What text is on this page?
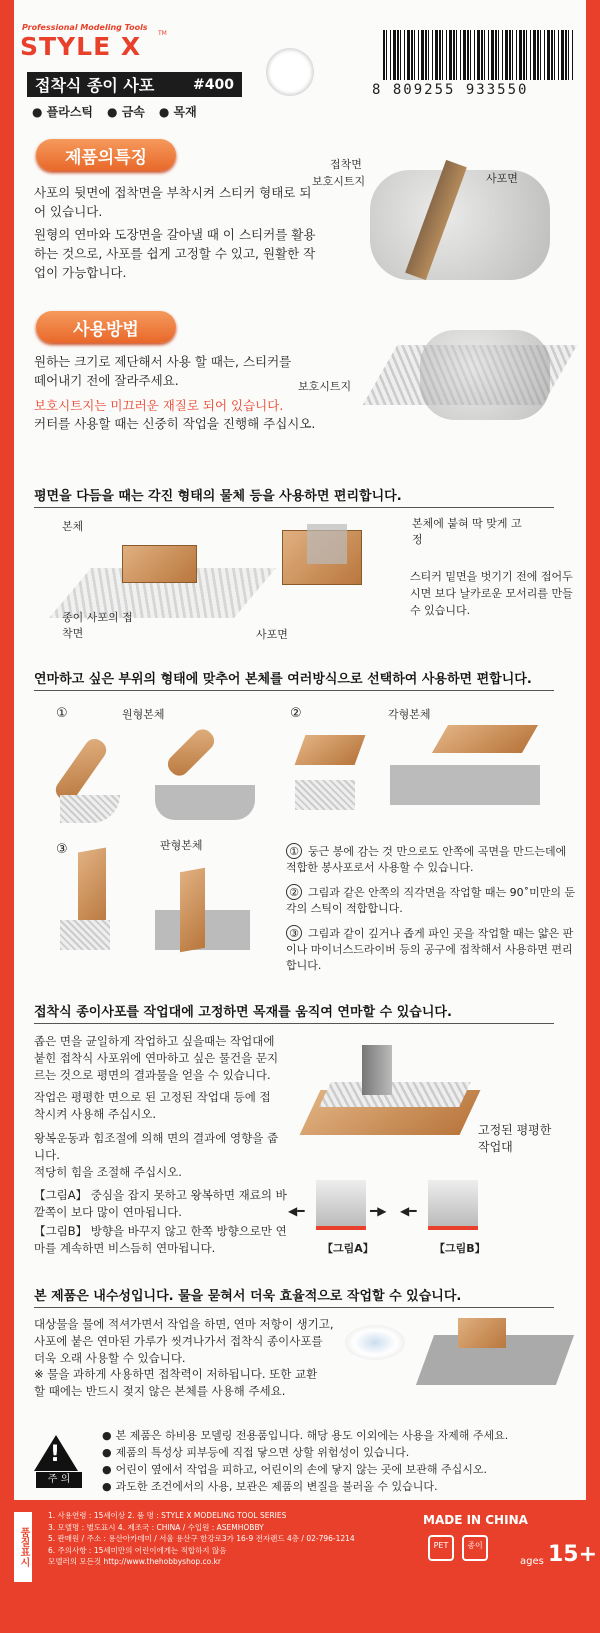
Professional Modeling Tools
STYLE X	TM
접착식 종이 사포	#400	8 809255 933550
● 플라스틱	● 금속	● 목재
제품의특징
사포의 뒷면에 접착면을 부착시켜 스티커 형태로 되어 있습니다.
원형의 연마와 도장면을 갈아낼 때 이 스티커를 활용하는 것으로, 사포를 쉽게 고정할 수 있고, 원활한 작업이 가능합니다.
접착면
보호시트지	사포면
사용방법
원하는 크기로 제단해서 사용 할 때는, 스티커를 떼어내기 전에 잘라주세요.
보호시트지는 미끄러운 재질로 되어 있습니다.
커터를 사용할 때는 신중히 작업을 진행해 주십시오.
보호시트지
평면을 다듬을 때는 각진 형태의 물체 등을 사용하면 편리합니다.
본체	본체에 붙혀 딱 맞게 고정
종이 사포의 접착면	사포면
스티커 밑면을 벗기기 전에 접어두시면 보다 날카로운 모서리를 만들 수 있습니다.
연마하고 싶은 부위의 형태에 맞추어 본체를 여러방식으로 선택하여 사용하면 편합니다.
①	②
③
원형본체	각형본체
판형본체	① 둥근 봉에 감는 것 만으로도 안쪽에 곡면을 만드는데에 적합한 봉사포로서 사용할 수 있습니다.
② 그림과 같은 안쪽의 직각면을 작업할 때는 90˚미만의 둔각의 스틱이 적합합니다.
③ 그림과 같이 깊거나 좁게 파인 곳을 작업할 때는 얇은 판이나 마이너스드라이버 등의 공구에 접착해서 사용하면 편리합니다.
접착식 종이사포를 작업대에 고정하면 목재를 움직여 연마할 수 있습니다.
좁은 면을 균일하게 작업하고 싶을때는 작업대에 붙힌 접착식 사포위에 연마하고 싶은 물건을 문지르는 것으로 평면의 결과물을 얻을 수 있습니다.
작업은 평평한 면으로 된 고정된 작업대 등에 접착시켜 사용해 주십시오.
왕복운동과 힘조절에 의해 면의 결과에 영향을 줍니다.
적당히 힘을 조절해 주십시오.
【그림A】 중심을 잡지 못하고 왕복하면 재료의 바깥쪽이 보다 많이 연마됩니다.
【그림B】 방향을 바꾸지 않고 한쪽 방향으로만 연마를 계속하면 비스듬히 연마됩니다.
고정된 평평한 작업대
◀━	━▶ ◀━
【그림A】	【그림B】
본 제품은 내수성입니다. 물을 묻혀서 더욱 효율적으로 작업할 수 있습니다.
대상물을 물에 적셔가면서 작업을 하면, 연마 저항이 생기고, 사포에 붙은 연마된 가루가 씻겨나가서 접착식 종이사포를 더욱 오래 사용할 수 있습니다.
※ 물을 과하게 사용하면 접착력이 저하됩니다. 또한 교환할 때에는 반드시 젖지 않은 본체를 사용해 주세요.
!
주 의
● 본 제품은 하비용 모델링 전용품입니다. 해당 용도 이외에는 사용을 자제해 주세요.
● 제품의 특성상 피부등에 직접 닿으면 상할 위험성이 있습니다.
● 어린이 옆에서 작업을 피하고, 어린이의 손에 닿지 않는 곳에 보관해 주십시오.
● 과도한 조건에서의 사용, 보관은 제품의 변질을 불러올 수 있습니다.
품질표시
1. 사용연령 : 15세이상 2. 품 명 : STYLE X MODELING TOOL SERIES
3. 모델명 : 별도표시 4. 제조국 : CHINA / 수입원 : ASEMHOBBY
5. 판매원 / 주소 : 용산아카데미 / 서울 용산구 한강로3가 16-9 전자랜드 4층 / 02-796-1214
6. 주의사항 : 15세미만의 어린이에게는 적합하지 않음
모델러의 모든것 http://www.thehobbyshop.co.kr
MADE IN CHINA
PET	종이
ages 15+
